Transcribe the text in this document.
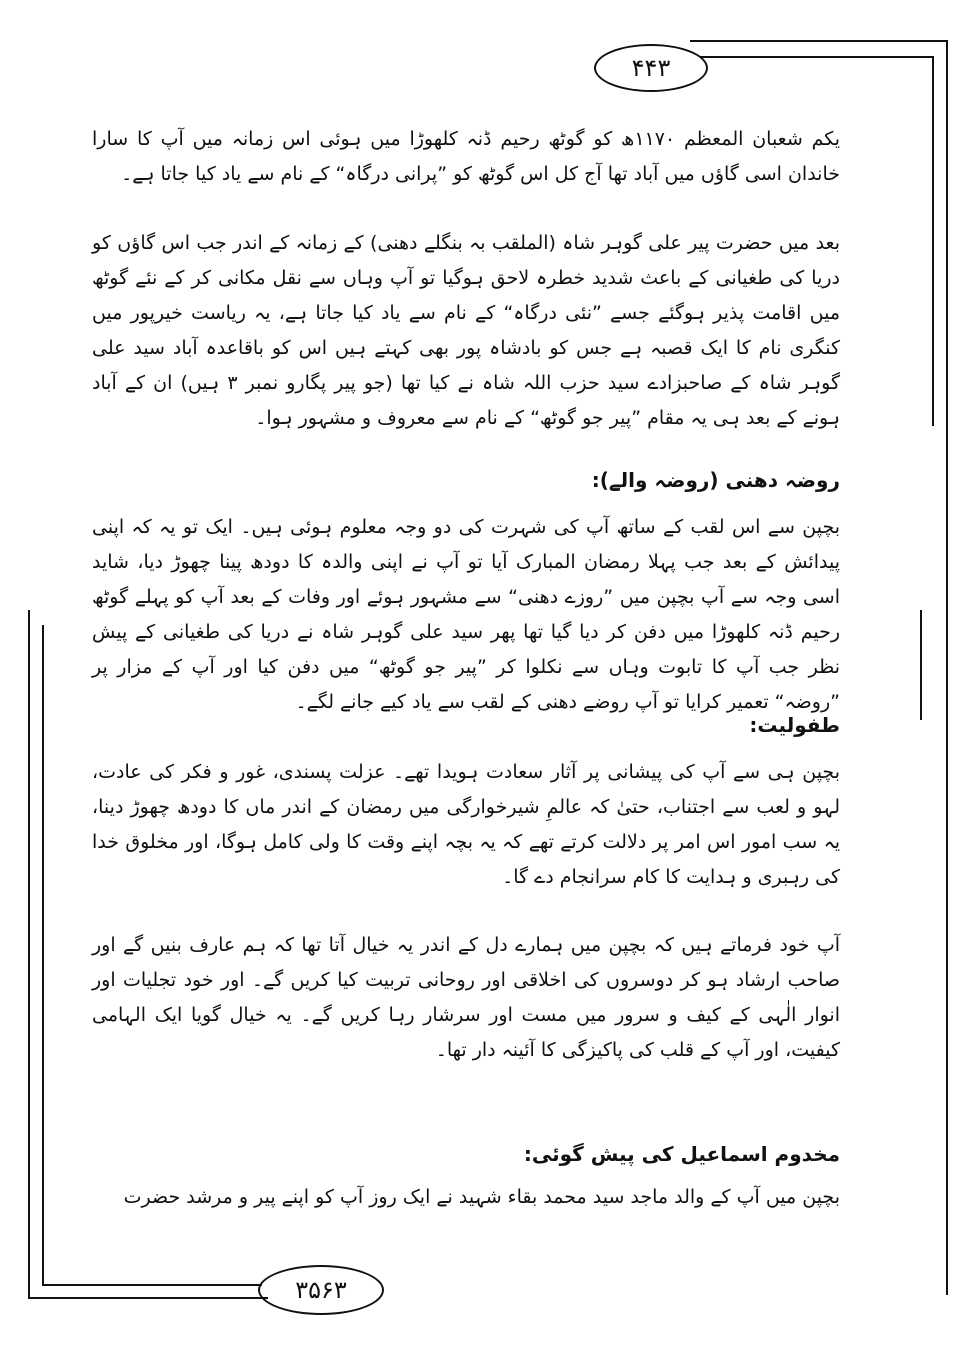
۴۴۳

یکم شعبان المعظم ۱۱۷۰ھ کو گوٹھ رحیم ڈنہ کلھوڑا میں ہوئی اس زمانہ میں آپ کا سارا خاندان اسی گاؤں میں آباد تھا آج کل اس گوٹھ کو ”پرانی درگاہ“ کے نام سے یاد کیا جاتا ہے۔

بعد میں حضرت پیر علی گوہر شاہ (الملقب بہ بنگلے دھنی) کے زمانہ کے اندر جب اس گاؤں کو دریا کی طغیانی کے باعث شدید خطرہ لاحق ہوگیا تو آپ وہاں سے نقل مکانی کر کے نئے گوٹھ میں اقامت پذیر ہوگئے جسے ”نئی درگاہ“ کے نام سے یاد کیا جاتا ہے، یہ ریاست خیرپور میں کنگری نام کا ایک قصبہ ہے جس کو بادشاہ پور بھی کہتے ہیں اس کو باقاعدہ آباد سید علی گوہر شاہ کے صاحبزادے سید حزب اللہ شاہ نے کیا تھا (جو پیر پگارو نمبر ۳ ہیں) ان کے آباد ہونے کے بعد ہی یہ مقام ”پیر جو گوٹھ“ کے نام سے معروف و مشہور ہوا۔

روضہ دھنی (روضہ والے):

بچپن سے اس لقب کے ساتھ آپ کی شہرت کی دو وجہ معلوم ہوئی ہیں۔ ایک تو یہ کہ اپنی پیدائش کے بعد جب پہلا رمضان المبارک آیا تو آپ نے اپنی والدہ کا دودھ پینا چھوڑ دیا، شاید اسی وجہ سے آپ بچپن میں ”روزے دھنی“ سے مشہور ہوئے اور وفات کے بعد آپ کو پہلے گوٹھ رحیم ڈنہ کلھوڑا میں دفن کر دیا گیا تھا پھر سید علی گوہر شاہ نے دریا کی طغیانی کے پیش نظر جب آپ کا تابوت وہاں سے نکلوا کر ”پیر جو گوٹھ“ میں دفن کیا اور آپ کے مزار پر ”روضہ“ تعمیر کرایا تو آپ روضے دھنی کے لقب سے یاد کیے جانے لگے۔

طفولیت:

بچپن ہی سے آپ کی پیشانی پر آثار سعادت ہویدا تھے۔ عزلت پسندی، غور و فکر کی عادت، لہو و لعب سے اجتناب، حتیٰ کہ عالمِ شیرخوارگی میں رمضان کے اندر ماں کا دودھ چھوڑ دینا، یہ سب امور اس امر پر دلالت کرتے تھے کہ یہ بچہ اپنے وقت کا ولی کامل ہوگا، اور مخلوق خدا کی رہبری و ہدایت کا کام سرانجام دے گا۔

آپ خود فرماتے ہیں کہ بچپن میں ہمارے دل کے اندر یہ خیال آتا تھا کہ ہم عارف بنیں گے اور صاحب ارشاد ہو کر دوسروں کی اخلاقی اور روحانی تربیت کیا کریں گے۔ اور خود تجلیات اور انوار الٰہی کے کیف و سرور میں مست اور سرشار رہا کریں گے۔ یہ خیال گویا ایک الہامی کیفیت، اور آپ کے قلب کی پاکیزگی کا آئینہ دار تھا۔

مخدوم اسماعیل کی پیش گوئی:

بچپن میں آپ کے والد ماجد سید محمد بقاء شہید نے ایک روز آپ کو اپنے پیر و مرشد حضرت

۳۵۶۳
